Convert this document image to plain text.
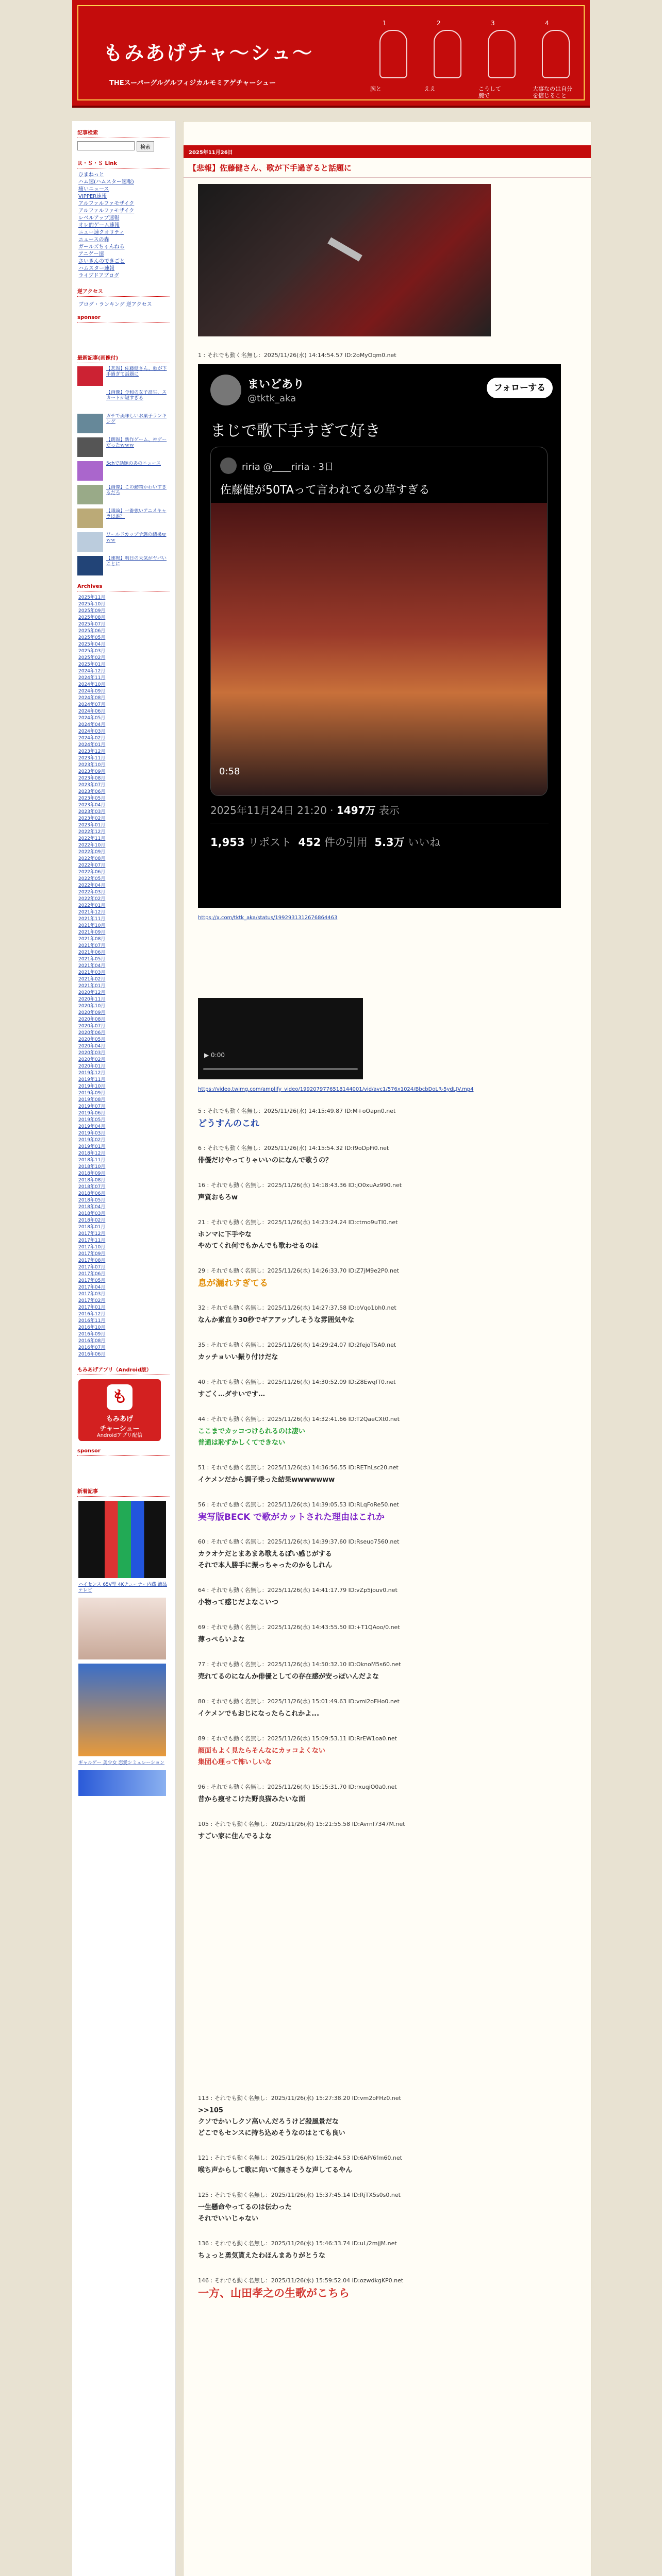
もみあげチャ〜シュ〜
THEスーパーグルグルフィジカルモミアゲチャーシュー
1
腕と
2
ええ
3
こうして
腕で
4
大事なのは自分
を信じること
記事検索
検索
Ｒ・Ｓ・Ｓ Link
ひまねっと
ハム速(ハムスター速報)
痛いニュース
VIPPER速報
アルファルファモザイク
アルファルファモザイク
レベルアップ速報
オレ的ゲーム速報
ニュー速クオリティ
ニュースの森
ガールズちゃんねる
アニゲー速
さいきんのできごと
ハムスター速報
ライブドアブログ
逆アクセス
ブログ・ランキング 逆アクセス
sponsor
最新記事(画像付)
【悲報】佐藤健さん、歌が下手過ぎて話題に
【画像】令和の女子高生、スカートが短すぎる
ガチで美味しいお菓子ランキング
【朗報】新作ゲーム、神ゲーだったｗｗｗ
5chで話題のあのニュース
【画像】この動物かわいすぎるだろ
【議論】一番強いアニメキャラは誰？
ワールドカップ予選の結果ｗｗｗ
【速報】明日の天気がヤバいことに
Archives
2025年11月
2025年10月
2025年09月
2025年08月
2025年07月
2025年06月
2025年05月
2025年04月
2025年03月
2025年02月
2025年01月
2024年12月
2024年11月
2024年10月
2024年09月
2024年08月
2024年07月
2024年06月
2024年05月
2024年04月
2024年03月
2024年02月
2024年01月
2023年12月
2023年11月
2023年10月
2023年09月
2023年08月
2023年07月
2023年06月
2023年05月
2023年04月
2023年03月
2023年02月
2023年01月
2022年12月
2022年11月
2022年10月
2022年09月
2022年08月
2022年07月
2022年06月
2022年05月
2022年04月
2022年03月
2022年02月
2022年01月
2021年12月
2021年11月
2021年10月
2021年09月
2021年08月
2021年07月
2021年06月
2021年05月
2021年04月
2021年03月
2021年02月
2021年01月
2020年12月
2020年11月
2020年10月
2020年09月
2020年08月
2020年07月
2020年06月
2020年05月
2020年04月
2020年03月
2020年02月
2020年01月
2019年12月
2019年11月
2019年10月
2019年09月
2019年08月
2019年07月
2019年06月
2019年05月
2019年04月
2019年03月
2019年02月
2019年01月
2018年12月
2018年11月
2018年10月
2018年09月
2018年08月
2018年07月
2018年06月
2018年05月
2018年04月
2018年03月
2018年02月
2018年01月
2017年12月
2017年11月
2017年10月
2017年09月
2017年08月
2017年07月
2017年06月
2017年05月
2017年04月
2017年03月
2017年02月
2017年01月
2016年12月
2016年11月
2016年10月
2016年09月
2016年08月
2016年07月
2016年06月
もみあげアプリ（Android版）
も
もみあげ
チャーシュー
Androidアプリ配信
sponsor
新着記事
ハイセンス 65V型 4Kチューナー内蔵 液晶テレビ
ギャルゲー 美少女 恋愛シミュレーション
2025年11月26日
【悲報】佐藤健さん、歌が下手過ぎると話題に
1 : それでも動く名無し：2025/11/26(水) 14:14:54.57 ID:2oMyOqm0.net
まいどあり
@tktk_aka
フォローする
まじで歌下手すぎて好き
riria @____riria · 3日
佐藤健が50TAって言われてるの草すぎる
0:58
2025年11月24日 21:20 · 1497万 表示
1,953 リポスト 452 件の引用 5.3万 いいね
https://x.com/tktk_aka/status/1992931312676864463
▶ 0:00
https://video.twimg.com/amplify_video/1992079776518144001/vid/avc1/576x1024/BbcbDoLR-5ydLJV.mp4
5 : それでも動く名無し：2025/11/26(水) 14:15:49.87 ID:M+oOapn0.net
どうすんのこれ
6 : それでも動く名無し：2025/11/26(水) 14:15:54.32 ID:f9oDpFi0.net
俳優だけやってりゃいいのになんで歌うの？
16 : それでも動く名無し：2025/11/26(水) 14:18:43.36 ID:jO0xuAz990.net
声質おもろw
21 : それでも動く名無し：2025/11/26(水) 14:23:24.24 ID:ctmo9uTI0.net
ホンマに下手やな
やめてくれ何でもかんでも歌わせるのは
29 : それでも動く名無し：2025/11/26(水) 14:26:33.70 ID:Z7jM9e2P0.net
息が漏れすぎてる
32 : それでも動く名無し：2025/11/26(水) 14:27:37.58 ID:bVqo1bh0.net
なんか素直り30秒でギアアップしそうな雰囲気やな
35 : それでも動く名無し：2025/11/26(水) 14:29:24.07 ID:2fejoT5A0.net
カッチョいい振り付けだな
40 : それでも動く名無し：2025/11/26(水) 14:30:52.09 ID:Z8EwqfT0.net
すごく…ダサいです…
44 : それでも動く名無し：2025/11/26(水) 14:32:41.66 ID:T2QaeCXt0.net
ここまでカッコつけられるのは凄い
普通は恥ずかしくてできない
51 : それでも動く名無し：2025/11/26(水) 14:36:56.55 ID:RETnLsc20.net
イケメンだから調子乗った結果wwwwwww
56 : それでも動く名無し：2025/11/26(水) 14:39:05.53 ID:RLqFoRe50.net
実写版BECK で歌がカットされた理由はこれか
60 : それでも動く名無し：2025/11/26(水) 14:39:37.60 ID:Rseuo7560.net
カラオケだとまあまあ歌えるぽい感じがする
それで本人勝手に振っちゃったのかもしれん
64 : それでも動く名無し：2025/11/26(水) 14:41:17.79 ID:vZp5jouv0.net
小物って感じだよなこいつ
69 : それでも動く名無し：2025/11/26(水) 14:43:55.50 ID:+T1QAoo/0.net
薄っぺらいよな
77 : それでも動く名無し：2025/11/26(水) 14:50:32.10 ID:OknoM5s60.net
売れてるのになんか俳優としての存在感が安っぽいんだよな
80 : それでも動く名無し：2025/11/26(水) 15:01:49.63 ID:vmi2oFHo0.net
イケメンでもおじになったらこれかよ...
89 : それでも動く名無し：2025/11/26(水) 15:09:53.11 ID:RrEW1oa0.net
顔面もよく見たらそんなにカッコよくない
集団心理って怖いしいな
96 : それでも動く名無し：2025/11/26(水) 15:15:31.70 ID:rxuqiO0a0.net
昔から痩せこけた野良猫みたいな面
105 : それでも動く名無し：2025/11/26(水) 15:21:55.58 ID:Avrnf7347M.net
すごい家に住んでるよな
113 : それでも動く名無し：2025/11/26(水) 15:27:38.20 ID:vm2oFHz0.net
>>105
クソでかいしクソ高いんだろうけど殺風景だな
どこでもセンスに持ち込めそうなのはとても良い
121 : それでも動く名無し：2025/11/26(水) 15:32:44.53 ID:6AP/6fm60.net
喉ち声からして歌に向いて無さそうな声してるやん
125 : それでも動く名無し：2025/11/26(水) 15:37:45.14 ID:RjTX5s0s0.net
一生懸命やってるのは伝わった
それでいいじゃない
136 : それでも動く名無し：2025/11/26(水) 15:46:33.74 ID:uL/2mjjM.net
ちょっと勇気貰えたわほんまありがとうな
146 : それでも動く名無し：2025/11/26(水) 15:59:52.04 ID:ozwdkgKP0.net
一方、山田孝之の生歌がこちら
